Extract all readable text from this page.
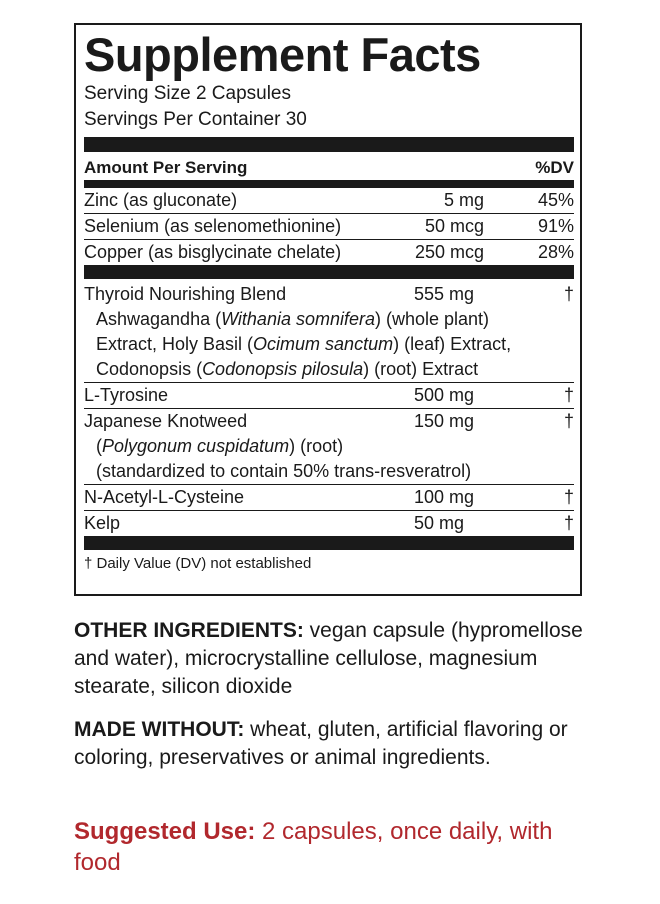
Supplement Facts
Serving Size 2 Capsules
Servings Per Container 30
Amount Per Serving	%DV
Zinc (as gluconate)	5 mg	45%
Selenium (as selenomethionine)	50 mcg	91%
Copper (as bisglycinate chelate)	250 mcg	28%
Thyroid Nourishing Blend	555 mg	†
Ashwagandha (Withania somnifera) (whole plant)
Extract, Holy Basil (Ocimum sanctum) (leaf) Extract,
Codonopsis (Codonopsis pilosula) (root) Extract
L-Tyrosine	500 mg	†
Japanese Knotweed	150 mg	†
(Polygonum cuspidatum) (root)
(standardized to contain 50% trans-resveratrol)
N-Acetyl-L-Cysteine	100 mg	†
Kelp	50 mg	†
† Daily Value (DV) not established
OTHER INGREDIENTS: vegan capsule (hypromellose and water), microcrystalline cellulose, magnesium stearate, silicon dioxide
MADE WITHOUT: wheat, gluten, artificial flavoring or coloring, preservatives or animal ingredients.
Suggested Use: 2 capsules, once daily, with food
